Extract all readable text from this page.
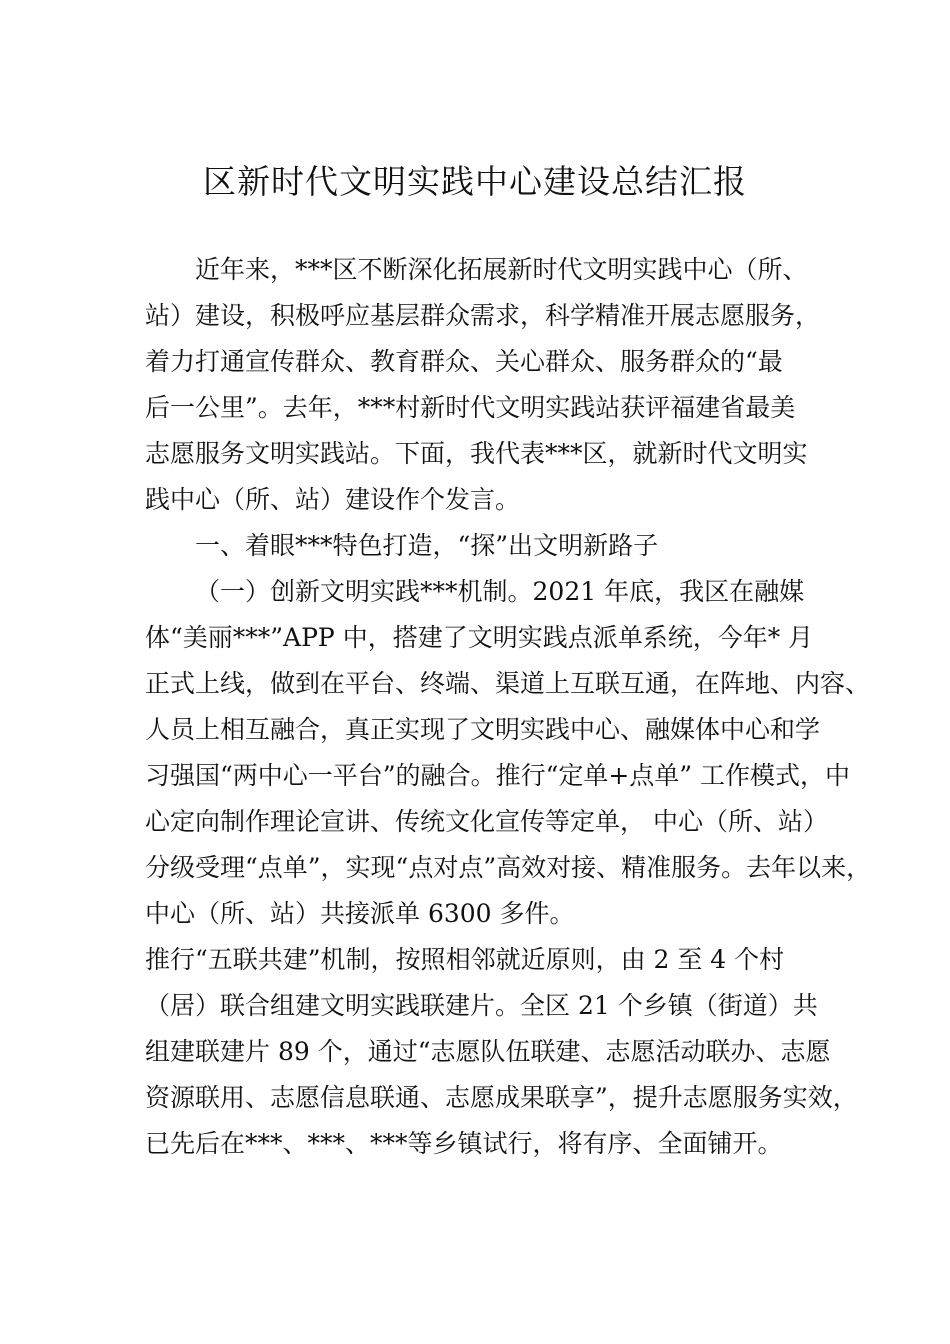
区新时代文明实践中心建设总结汇报
近年来，***区不断深化拓展新时代文明实践中心（所、
站）建设，积极呼应基层群众需求，科学精准开展志愿服务，
着力打通宣传群众、教育群众、关心群众、服务群众的“最
后一公里”。去年，***村新时代文明实践站获评福建省最美
志愿服务文明实践站。下面，我代表***区，就新时代文明实
践中心（所、站）建设作个发言。
一、着眼***特色打造，“探”出文明新路子
（一）创新文明实践***机制。2021 年底，我区在融媒
体“美丽***”APP 中，搭建了文明实践点派单系统，今年* 月
正式上线，做到在平台、终端、渠道上互联互通，在阵地、内容、
人员上相互融合，真正实现了文明实践中心、融媒体中心和学
习强国“两中心一平台”的融合。推行“定单+点单” 工作模式，中
心定向制作理论宣讲、传统文化宣传等定单， 中心（所、站）
分级受理“点单”，实现“点对点”高效对接、精准服务。去年以来，
中心（所、站）共接派单 6300 多件。
推行“五联共建”机制，按照相邻就近原则，由 2 至 4 个村
（居）联合组建文明实践联建片。全区 21 个乡镇（街道）共
组建联建片 89 个，通过“志愿队伍联建、志愿活动联办、志愿
资源联用、志愿信息联通、志愿成果联享”，提升志愿服务实效，
已先后在***、***、***等乡镇试行，将有序、全面铺开。
